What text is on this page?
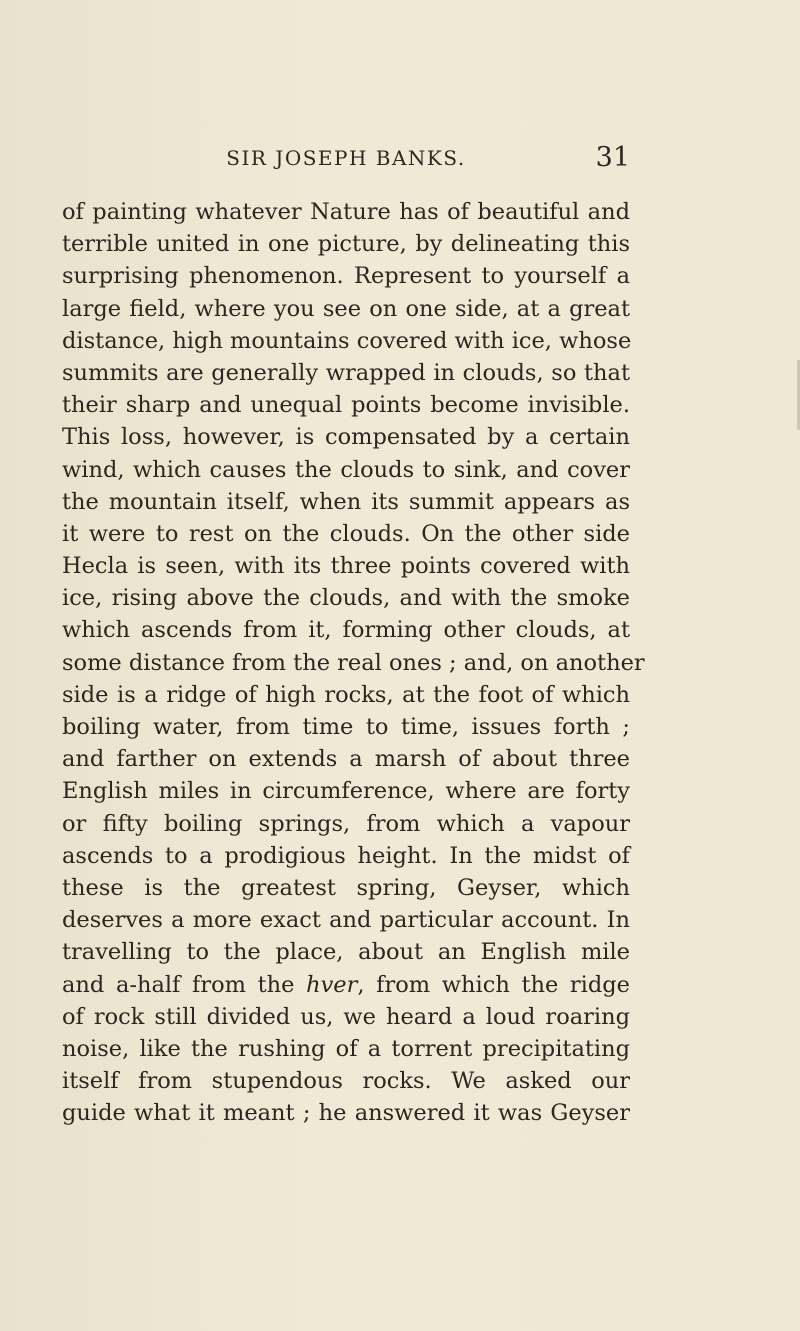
SIR JOSEPH BANKS.	31
of painting whatever Nature has of beautiful and
terrible united in one picture, by delineating this
surprising phenomenon. Represent to yourself a
large field, where you see on one side, at a great
distance, high mountains covered with ice, whose
summits are generally wrapped in clouds, so that
their sharp and unequal points become invisible.
This loss, however, is compensated by a certain
wind, which causes the clouds to sink, and cover
the mountain itself, when its summit appears as
it were to rest on the clouds. On the other side
Hecla is seen, with its three points covered with
ice, rising above the clouds, and with the smoke
which ascends from it, forming other clouds, at
some distance from the real ones ; and, on another
side is a ridge of high rocks, at the foot of which
boiling water, from time to time, issues forth ;
and farther on extends a marsh of about three
English miles in circumference, where are forty
or fifty boiling springs, from which a vapour
ascends to a prodigious height. In the midst of
these is the greatest spring, Geyser, which
deserves a more exact and particular account. In
travelling to the place, about an English mile
and a-half from the hver, from which the ridge
of rock still divided us, we heard a loud roaring
noise, like the rushing of a torrent precipitating
itself from stupendous rocks. We asked our
guide what it meant ; he answered it was Geyser
